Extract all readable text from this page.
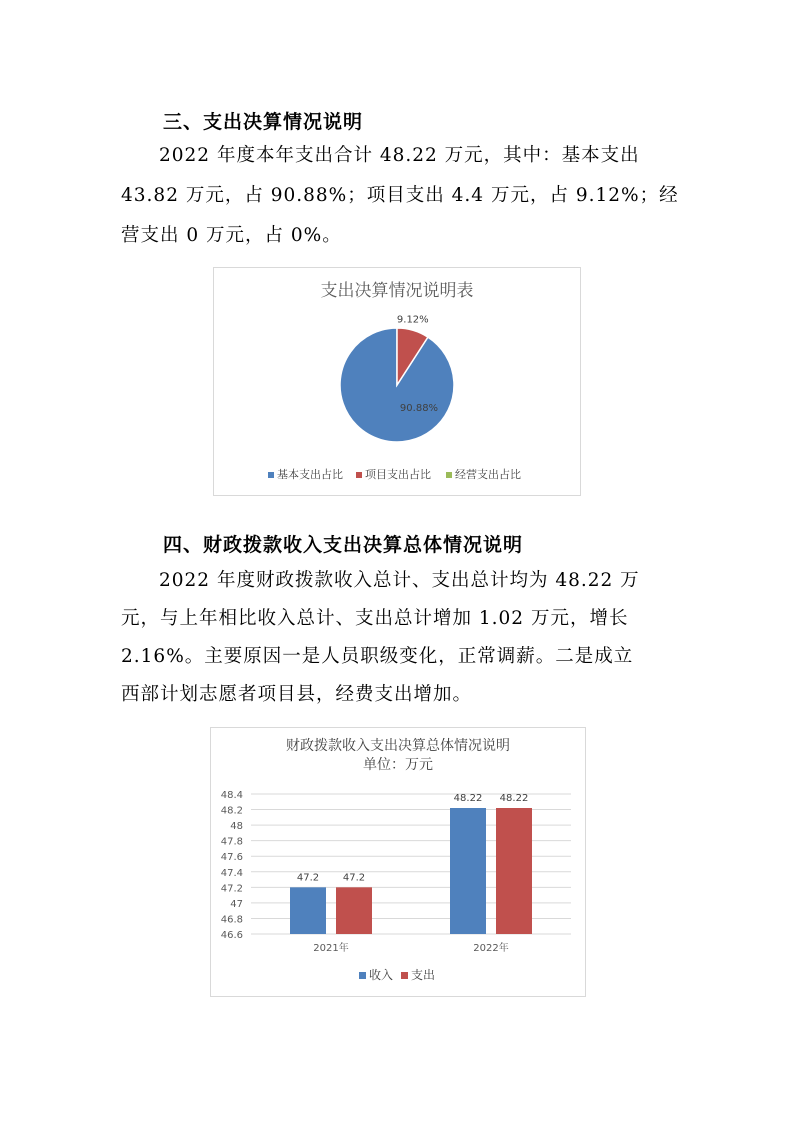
三、支出决算情况说明
2022 年度本年支出合计 48.22 万元，其中：基本支出
43.82 万元，占 90.88%；项目支出 4.4 万元，占 9.12%；经
营支出 0 万元，占 0%。
支出决算情况说明表
90.88%
9.12%
基本支出占比 项目支出占比 经营支出占比
四、财政拨款收入支出决算总体情况说明
2022 年度财政拨款收入总计、支出总计均为 48.22 万
元，与上年相比收入总计、支出总计增加 1.02 万元，增长
2.16%。主要原因一是人员职级变化，正常调薪。二是成立
西部计划志愿者项目县，经费支出增加。
财政拨款收入支出决算总体情况说明
单位：万元
46.6
46.8
47
47.2
47.4
47.6
47.8
48
48.2
48.4
47.2 47.2
2021年
48.22 48.22
2022年
收入 支出
